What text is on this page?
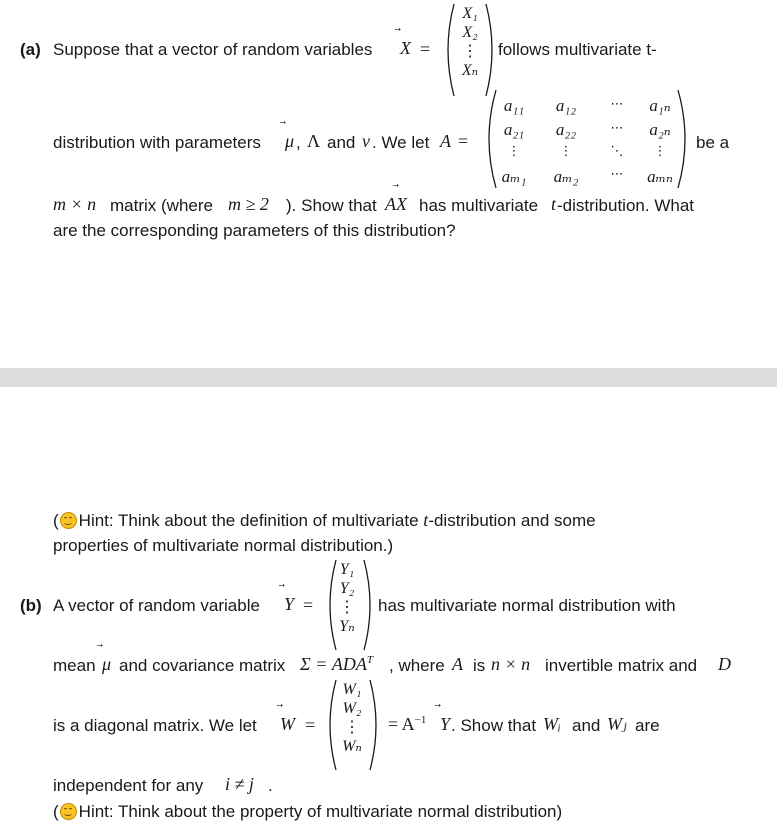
(a) Suppose that a vector of random variables X =
X₁
X₂
⋮
Xₙ
follows multivariate t-
distribution with parameters μ , Λ and ν . We let A =
a₁₁	a₁₂	⋯	a₁ₙ
a₂₁	a₂₂	⋯	a₂ₙ
⋮	⋮	⋱	⋮
aₘ₁	aₘ₂	⋯	aₘₙ
be a
m × n matrix (where m ≥ 2 ). Show that AX has multivariate t -distribution. What
are the corresponding parameters of this distribution?
( Hint: Think about the definition of multivariate t-distribution and some
properties of multivariate normal distribution.)
(b) A vector of random variable Y =
Y₁
Y₂
⋮
Yₙ
has multivariate normal distribution with
mean μ and covariance matrix $\Sigma = ADA^T$ , where A is n × n invertible matrix and D
is a diagonal matrix. We let W =
W₁
W₂
⋮
Wₙ
= $A^{-1}$ Y . Show that Wᵢ and Wⱼ are
independent for any i ≠ j .
( Hint: Think about the property of multivariate normal distribution)
